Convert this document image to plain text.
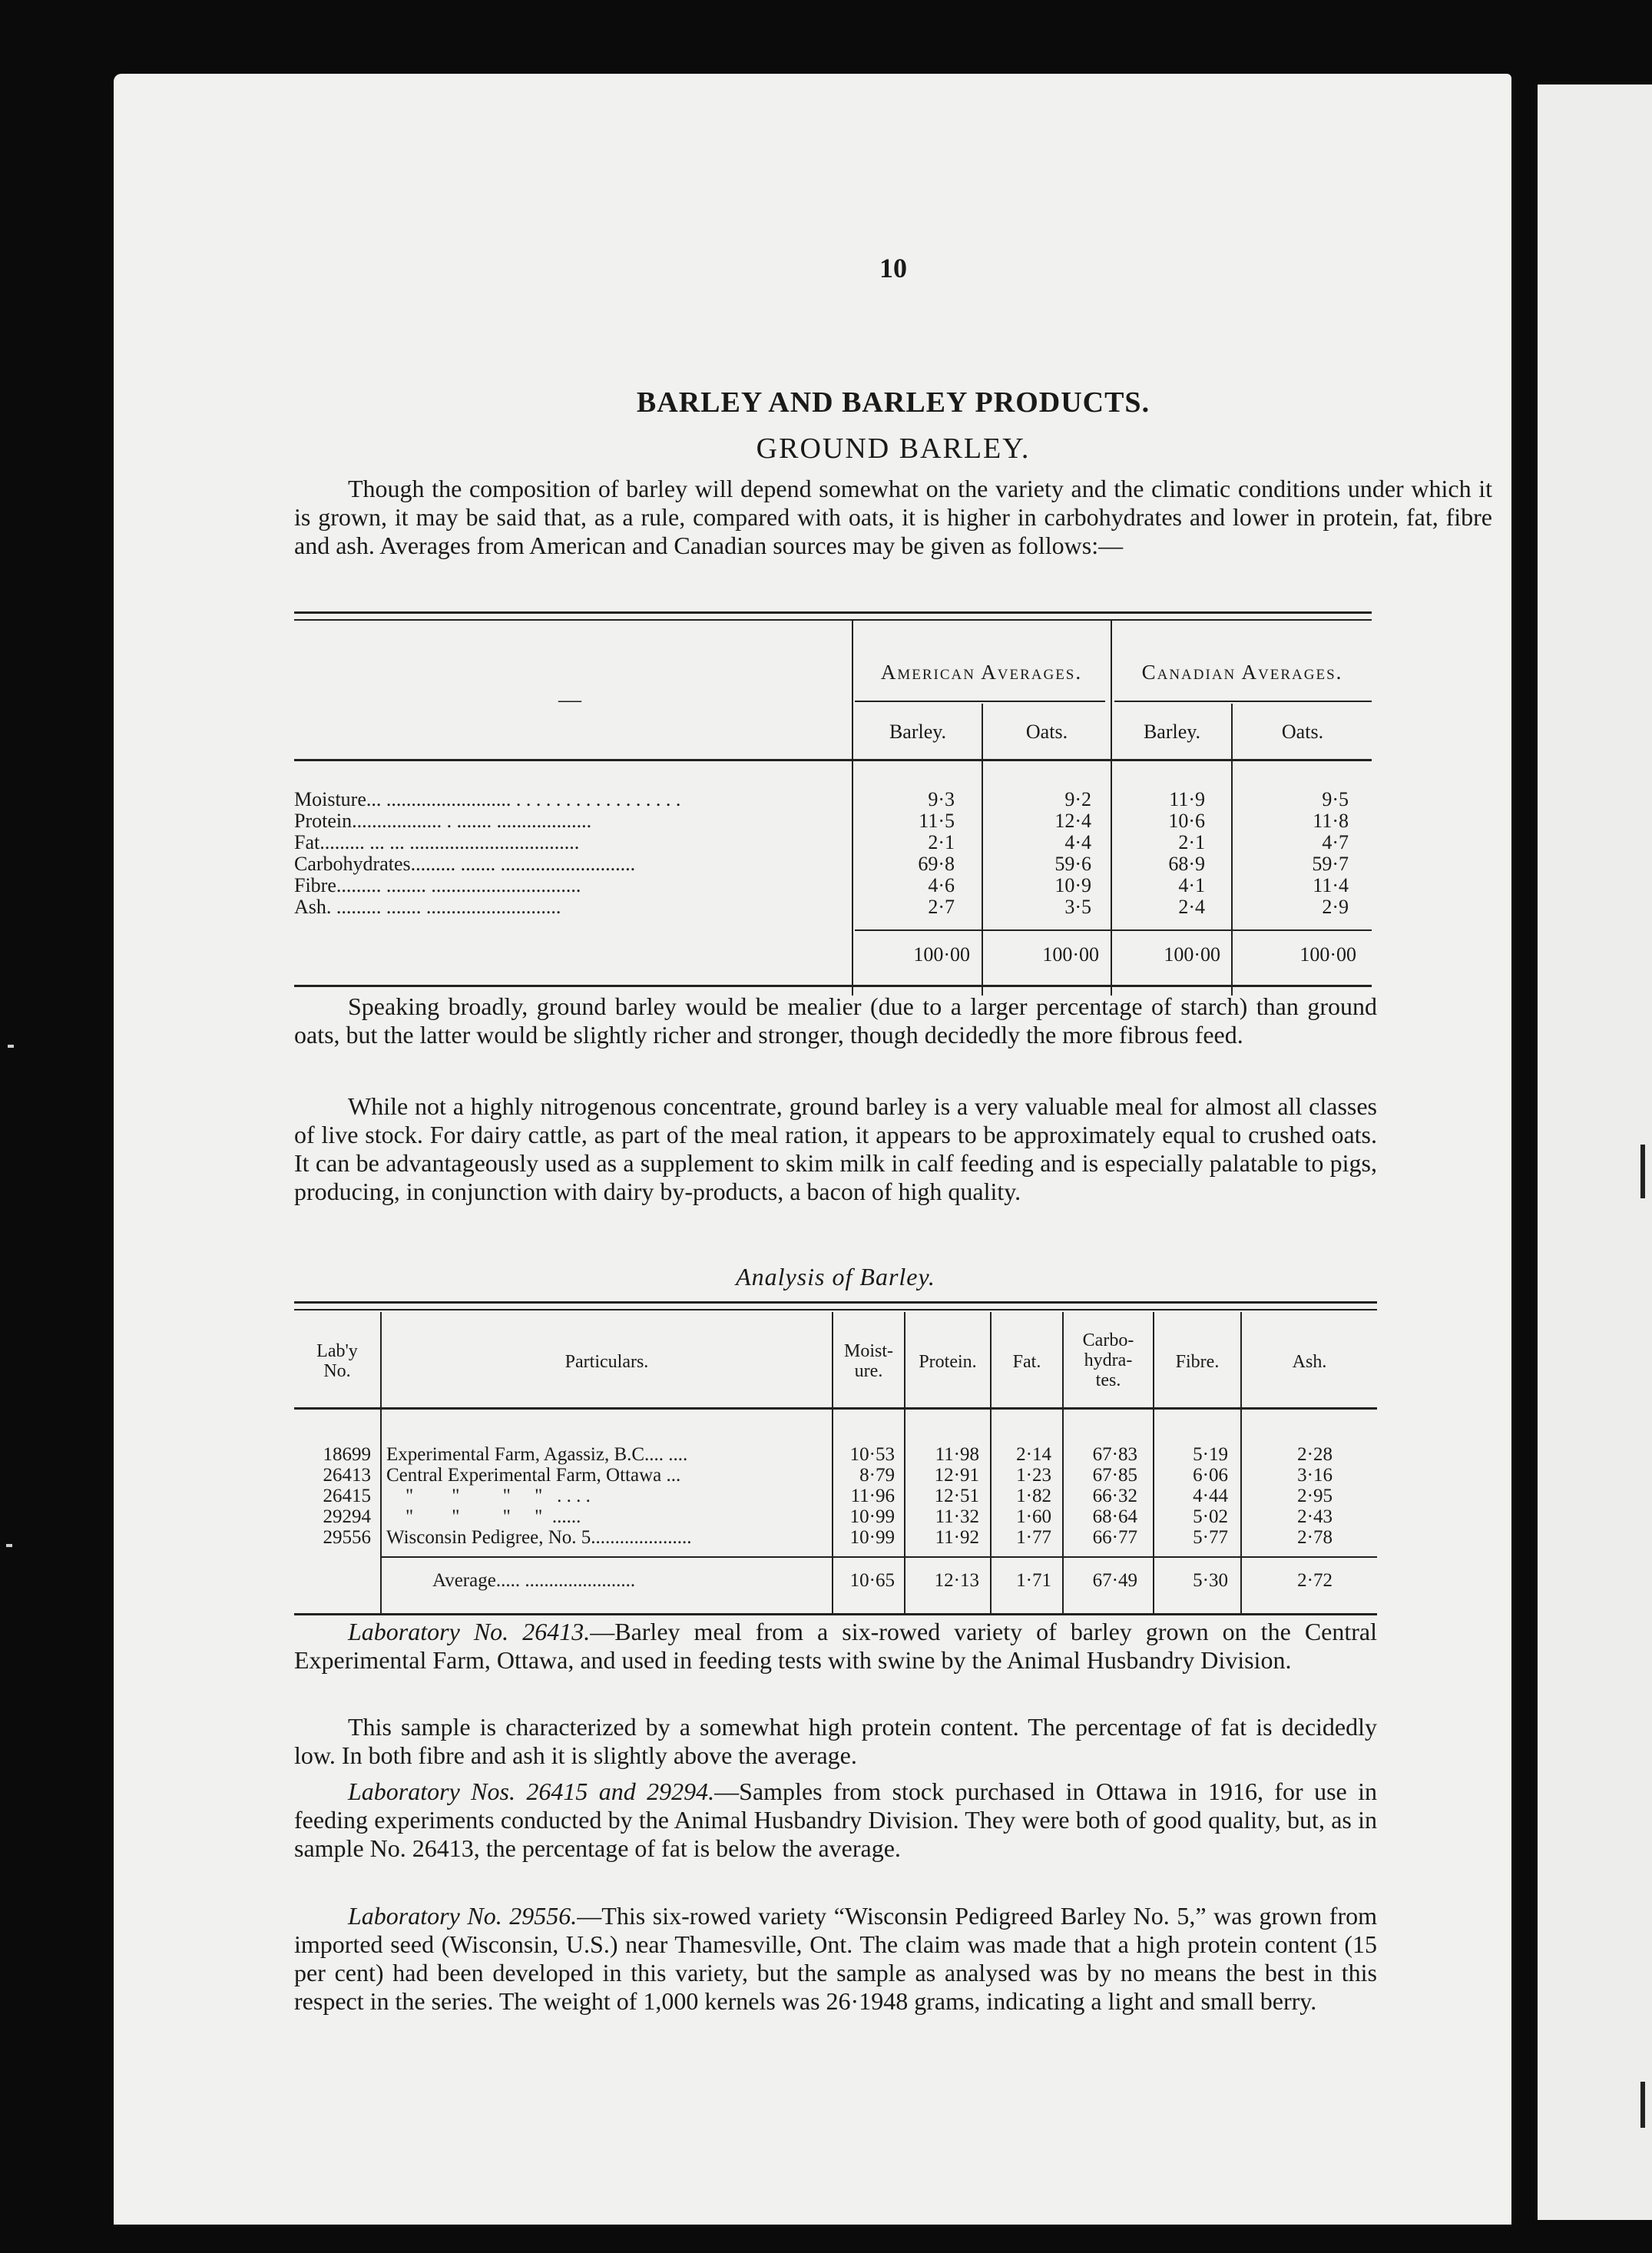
10
BARLEY AND BARLEY PRODUCTS.
GROUND BARLEY.

Though the composition of barley will depend somewhat on the variety and the climatic conditions under which it is grown, it may be said that, as a rule, compared with oats, it is higher in carbohydrates and lower in protein, fat, fibre and ash. Averages from American and Canadian sources may be given as follows:—

—
American Averages.	Canadian Averages.
Barley.	Oats.	Barley.	Oats.
Moisture... ......................... . . . . . . . . . . . . . . . . .	9·3	9·2	11·9	9·5
Protein.................. . ....... ...................	11·5	12·4	10·6	11·8
Fat......... ... ... ..................................	2·1	4·4	2·1	4·7
Carbohydrates......... ....... ...........................	69·8	59·6	68·9	59·7
Fibre......... ........ ..............................	4·6	10·9	4·1	11·4
Ash. ......... ....... ...........................	2·7	3·5	2·4	2·9
100·00	100·00	100·00	100·00

Speaking broadly, ground barley would be mealier (due to a larger percentage of starch) than ground oats, but the latter would be slightly richer and stronger, though decidedly the more fibrous feed.

While not a highly nitrogenous concentrate, ground barley is a very valuable meal for almost all classes of live stock. For dairy cattle, as part of the meal ration, it appears to be approximately equal to crushed oats. It can be advantageously used as a supplement to skim milk in calf feeding and is especially palatable to pigs, producing, in conjunction with dairy by-products, a bacon of high quality.

Analysis of Barley.
Lab'y
No.	Particulars.
Moist-
ure.	Protein.	Fat.
Carbo-
hydra-
tes.
Fibre.	Ash.
18699 Experimental Farm, Agassiz, B.C.... ....	10·53	11·98	2·14	67·83	5·19	2·28
26413 Central Experimental Farm, Ottawa ...	8·79	12·91	1·23	67·85	6·06	3·16
26415 "        "         "     "   . . . .	11·96	12·51	1·82	66·32	4·44	2·95
29294 "        "         "     "  ......	10·99	11·32	1·60	68·64	5·02	2·43
29556 Wisconsin Pedigree, No. 5.....................	10·99	11·92	1·77	66·77	5·77	2·78
Average..... .......................	10·65	12·13	1·71	67·49	5·30	2·72

Laboratory No. 26413.—Barley meal from a six-rowed variety of barley grown on the Central Experimental Farm, Ottawa, and used in feeding tests with swine by the Animal Husbandry Division.

This sample is characterized by a somewhat high protein content. The percentage of fat is decidedly low. In both fibre and ash it is slightly above the average.

Laboratory Nos. 26415 and 29294.—Samples from stock purchased in Ottawa in 1916, for use in feeding experiments conducted by the Animal Husbandry Division. They were both of good quality, but, as in sample No. 26413, the percentage of fat is below the average.

Laboratory No. 29556.—This six-rowed variety “Wisconsin Pedigreed Barley No. 5,” was grown from imported seed (Wisconsin, U.S.) near Thamesville, Ont. The claim was made that a high protein content (15 per cent) had been developed in this variety, but the sample as analysed was by no means the best in this respect in the series. The weight of 1,000 kernels was 26·1948 grams, indicating a light and small berry.
